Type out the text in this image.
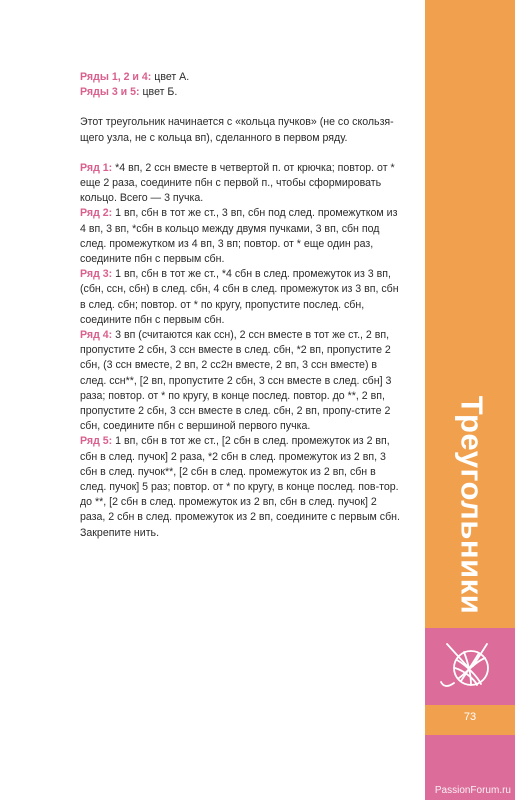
Ряды 1, 2 и 4: цвет А.

Ряды 3 и 5: цвет Б.

Этот треугольник начинается с «кольца пучков» (не со скользя-щего узла, не с кольца вп), сделанного в первом ряду.

Ряд 1: *4 вп, 2 ссн вместе в четвертой п. от крючка; повтор. от * еще 2 раза, соедините пбн с первой п., чтобы сформировать кольцо. Всего — 3 пучка.

Ряд 2: 1 вп, сбн в тот же ст., 3 вп, сбн под след. промежутком из 4 вп, 3 вп, *сбн в кольцо между двумя пучками, 3 вп, сбн под след. промежутком из 4 вп, 3 вп; повтор. от * еще один раз, соедините пбн с первым сбн.

Ряд 3: 1 вп, сбн в тот же ст., *4 сбн в след. промежуток из 3 вп, (сбн, ссн, сбн) в след. сбн, 4 сбн в след. промежуток из 3 вп, сбн в след. сбн; повтор. от * по кругу, пропустите послед. сбн, соедините пбн с первым сбн.

Ряд 4: 3 вп (считаются как ссн), 2 ссн вместе в тот же ст., 2 вп, пропустите 2 сбн, 3 ссн вместе в след. сбн, *2 вп, пропустите 2 сбн, (3 ссн вместе, 2 вп, 2 сс2н вместе, 2 вп, 3 ссн вместе) в след. ссн**, [2 вп, пропустите 2 сбн, 3 ссн вместе в след. сбн] 3 раза; повтор. от * по кругу, в конце послед. повтор. до **, 2 вп, пропустите 2 сбн, 3 ссн вместе в след. сбн, 2 вп, пропу-стите 2 сбн, соедините пбн с вершиной первого пучка.

Ряд 5: 1 вп, сбн в тот же ст., [2 сбн в след. промежуток из 2 вп, сбн в след. пучок] 2 раза, *2 сбн в след. промежуток из 2 вп, 3 сбн в след. пучок**, [2 сбн в след. промежуток из 2 вп, сбн в след. пучок] 5 раз; повтор. от * по кругу, в конце послед. пов-тор. до **, [2 сбн в след. промежуток из 2 вп, сбн в след. пучок] 2 раза, 2 сбн в след. промежуток из 2 вп, соедините с первым сбн. Закрепите нить.	Треугольники
73
PassionForum.ru
